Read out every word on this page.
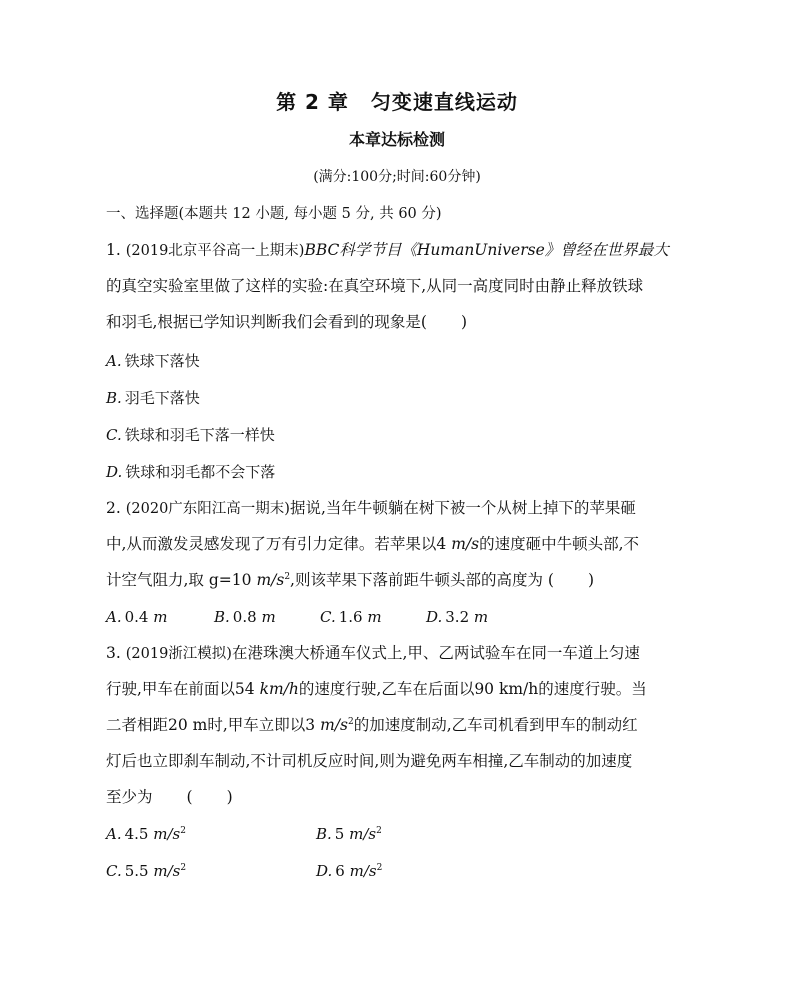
第 2 章 匀变速直线运动
本章达标检测
(满分:100分;时间:60分钟)
一、选择题(本题共 12 小题, 每小题 5 分, 共 60 分)
1. (2019北京平谷高一上期末)BBC科学节目《HumanUniverse》曾经在世界最大
的真空实验室里做了这样的实验:在真空环境下,从同一高度同时由静止释放铁球
和羽毛,根据已学知识判断我们会看到的现象是( )
A. 铁球下落快
B. 羽毛下落快
C. 铁球和羽毛下落一样快
D. 铁球和羽毛都不会下落
2. (2020广东阳江高一期末)据说,当年牛顿躺在树下被一个从树上掉下的苹果砸
中,从而激发灵感发现了万有引力定律。若苹果以4 m/s的速度砸中牛顿头部,不
计空气阻力,取 g=10 $m/s^2$,则该苹果下落前距牛顿头部的高度为 ( )
A. 0.4 m	B. 0.8 m	C. 1.6 m	D. 3.2 m
3. (2019浙江模拟)在港珠澳大桥通车仪式上,甲、乙两试验车在同一车道上匀速
行驶,甲车在前面以54 km/h的速度行驶,乙车在后面以90 km/h的速度行驶。当
二者相距20 m时,甲车立即以3 $m/s^2$的加速度制动,乙车司机看到甲车的制动红
灯后也立即刹车制动,不计司机反应时间,则为避免两车相撞,乙车制动的加速度
至少为 ( )
A. 4.5 $m/s^2$	B. 5 $m/s^2$
C. 5.5 $m/s^2$	D. 6 $m/s^2$
